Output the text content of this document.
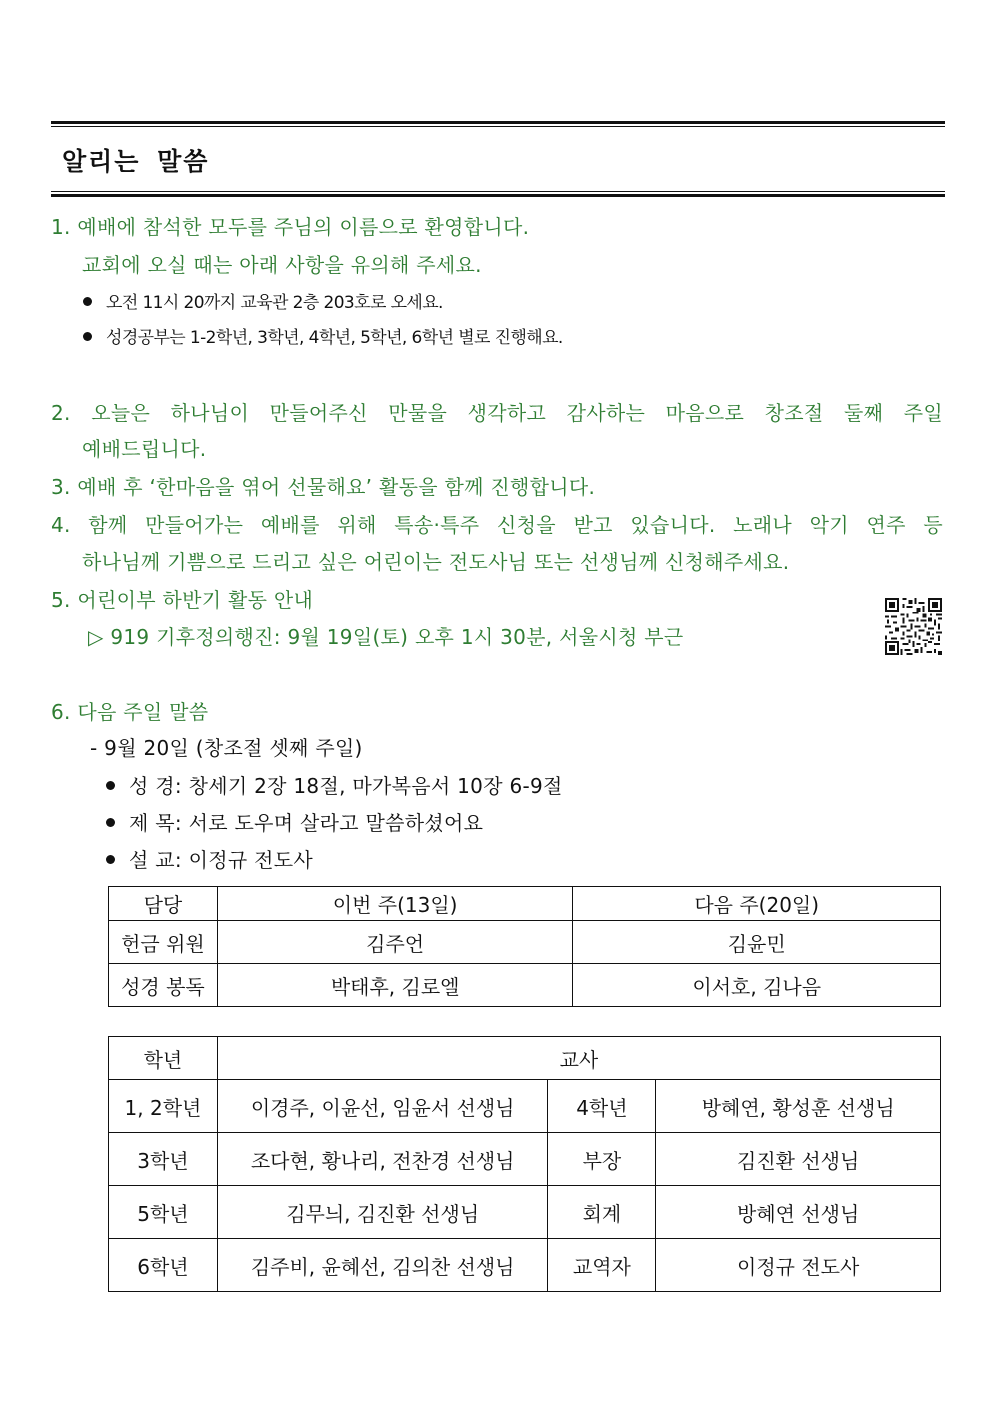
알리는 말씀
1. 예배에 참석한 모두를 주님의 이름으로 환영합니다.
교회에 오실 때는 아래 사항을 유의해 주세요.
오전 11시 20까지 교육관 2층 203호로 오세요.
성경공부는 1-2학년, 3학년, 4학년, 5학년, 6학년 별로 진행해요.
2. 오늘은 하나님이 만들어주신 만물을 생각하고 감사하는 마음으로 창조절 둘째 주일
예배드립니다.
3. 예배 후 ‘한마음을 엮어 선물해요’ 활동을 함께 진행합니다.
4. 함께 만들어가는 예배를 위해 특송·특주 신청을 받고 있습니다. 노래나 악기 연주 등
하나님께 기쁨으로 드리고 싶은 어린이는 전도사님 또는 선생님께 신청해주세요.
5. 어린이부 하반기 활동 안내
▷ 919 기후정의행진: 9월 19일(토) 오후 1시 30분, 서울시청 부근
6. 다음 주일 말씀
- 9월 20일 (창조절 셋째 주일)
성 경: 창세기 2장 18절, 마가복음서 10장 6-9절
제 목: 서로 도우며 살라고 말씀하셨어요
설 교: 이정규 전도사
담당	이번 주(13일)	다음 주(20일)
헌금 위원	김주언	김윤민
성경 봉독	박태후, 김로엘	이서호, 김나음
학년	교사		
1, 2학년	이경주, 이윤선, 임윤서 선생님	4학년	방혜연, 황성훈 선생님
3학년	조다현, 황나리, 전찬경 선생님	부장	김진환 선생님
5학년	김무늬, 김진환 선생님	회계	방혜연 선생님
6학년	김주비, 윤혜선, 김의찬 선생님	교역자	이정규 전도사
